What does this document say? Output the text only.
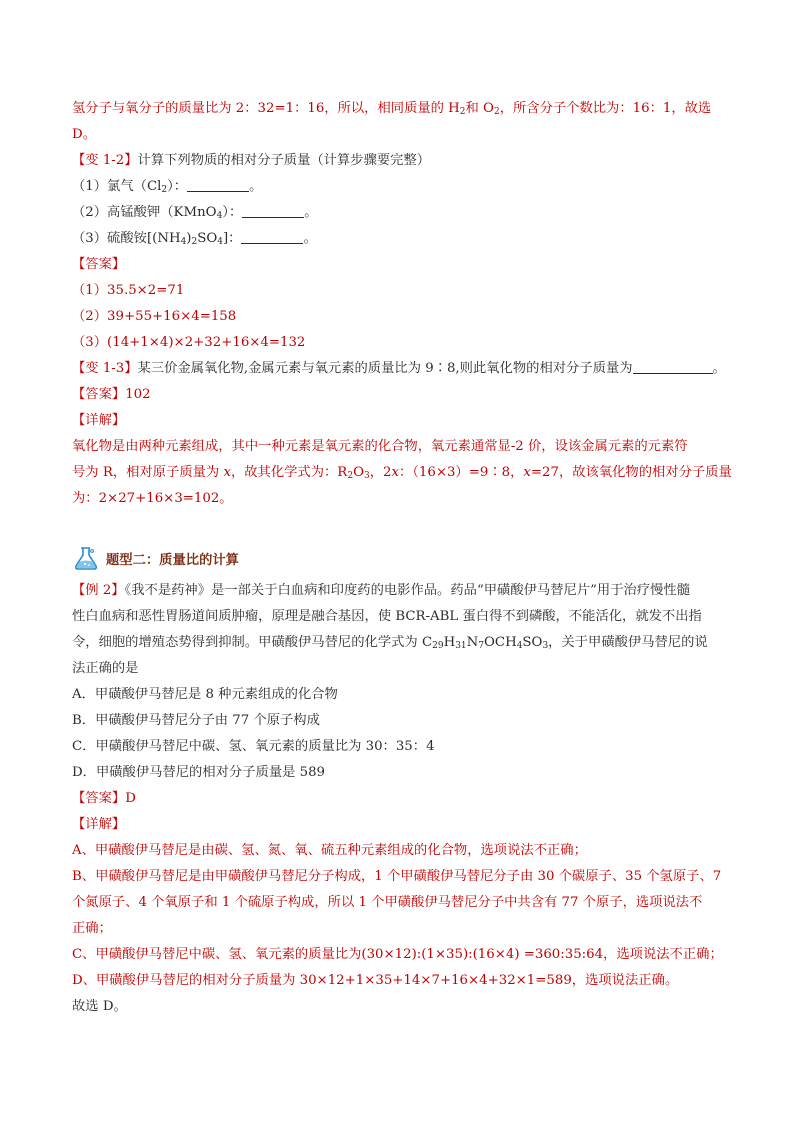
氢分子与氧分子的质量比为 2：32=1：16，所以，相同质量的 $H_2$和 $O_2$，所含分子个数比为：16：1，故选
D。
【变 1-2】计算下列物质的相对分子质量（计算步骤要完整）
（1）氯气$(Cl_2)$：	。
（2）高锰酸钾（KMnO$_4$）：	。
（3）硫酸铵$[(NH_4)_2SO_4]$：	。
【答案】
（1）35.5×2=71
（2）39+55+16×4=158
（3）(14+1×4)×2+32+16×4=132
【变 1-3】某三价金属氧化物,金属元素与氧元素的质量比为 9∶8,则此氧化物的相对分子质量为	。
【答案】102
【详解】
氧化物是由两种元素组成，其中一种元素是氧元素的化合物，氧元素通常显-2 价，设该金属元素的元素符
号为 R，相对原子质量为 x，故其化学式为：$R_2O_3$，2x：（16×3）=9∶8，x=27，故该氧化物的相对分子质量
为：2×27+16×3=102。
题型二：质量比的计算
【例 2】《我不是药神》是一部关于白血病和印度药的电影作品。药品“甲磺酸伊马替尼片”用于治疗慢性髓
性白血病和恶性胃肠道间质肿瘤，原理是融合基因，使 BCR-ABL 蛋白得不到磷酸，不能活化，就发不出指
令，细胞的增殖态势得到抑制。甲磺酸伊马替尼的化学式为 $C_{29}H_{31}N_7OCH_4SO_3$，关于甲磺酸伊马替尼的说
法正确的是
A．甲磺酸伊马替尼是 8 种元素组成的化合物
B．甲磺酸伊马替尼分子由 77 个原子构成
C．甲磺酸伊马替尼中碳、氢、氧元素的质量比为 30：35：4
D．甲磺酸伊马替尼的相对分子质量是 589
【答案】D
【详解】
A、甲磺酸伊马替尼是由碳、氢、氮、氧、硫五种元素组成的化合物，选项说法不正确；
B、甲磺酸伊马替尼是由甲磺酸伊马替尼分子构成，1 个甲磺酸伊马替尼分子由 30 个碳原子、35 个氢原子、7
个氮原子、4 个氧原子和 1 个硫原子构成，所以 1 个甲磺酸伊马替尼分子中共含有 77 个原子，选项说法不
正确；
C、甲磺酸伊马替尼中碳、氢、氧元素的质量比为(30×12):(1×35):(16×4) =360:35:64，选项说法不正确；
D、甲磺酸伊马替尼的相对分子质量为 30×12+1×35+14×7+16×4+32×1=589，选项说法正确。
故选 D。
